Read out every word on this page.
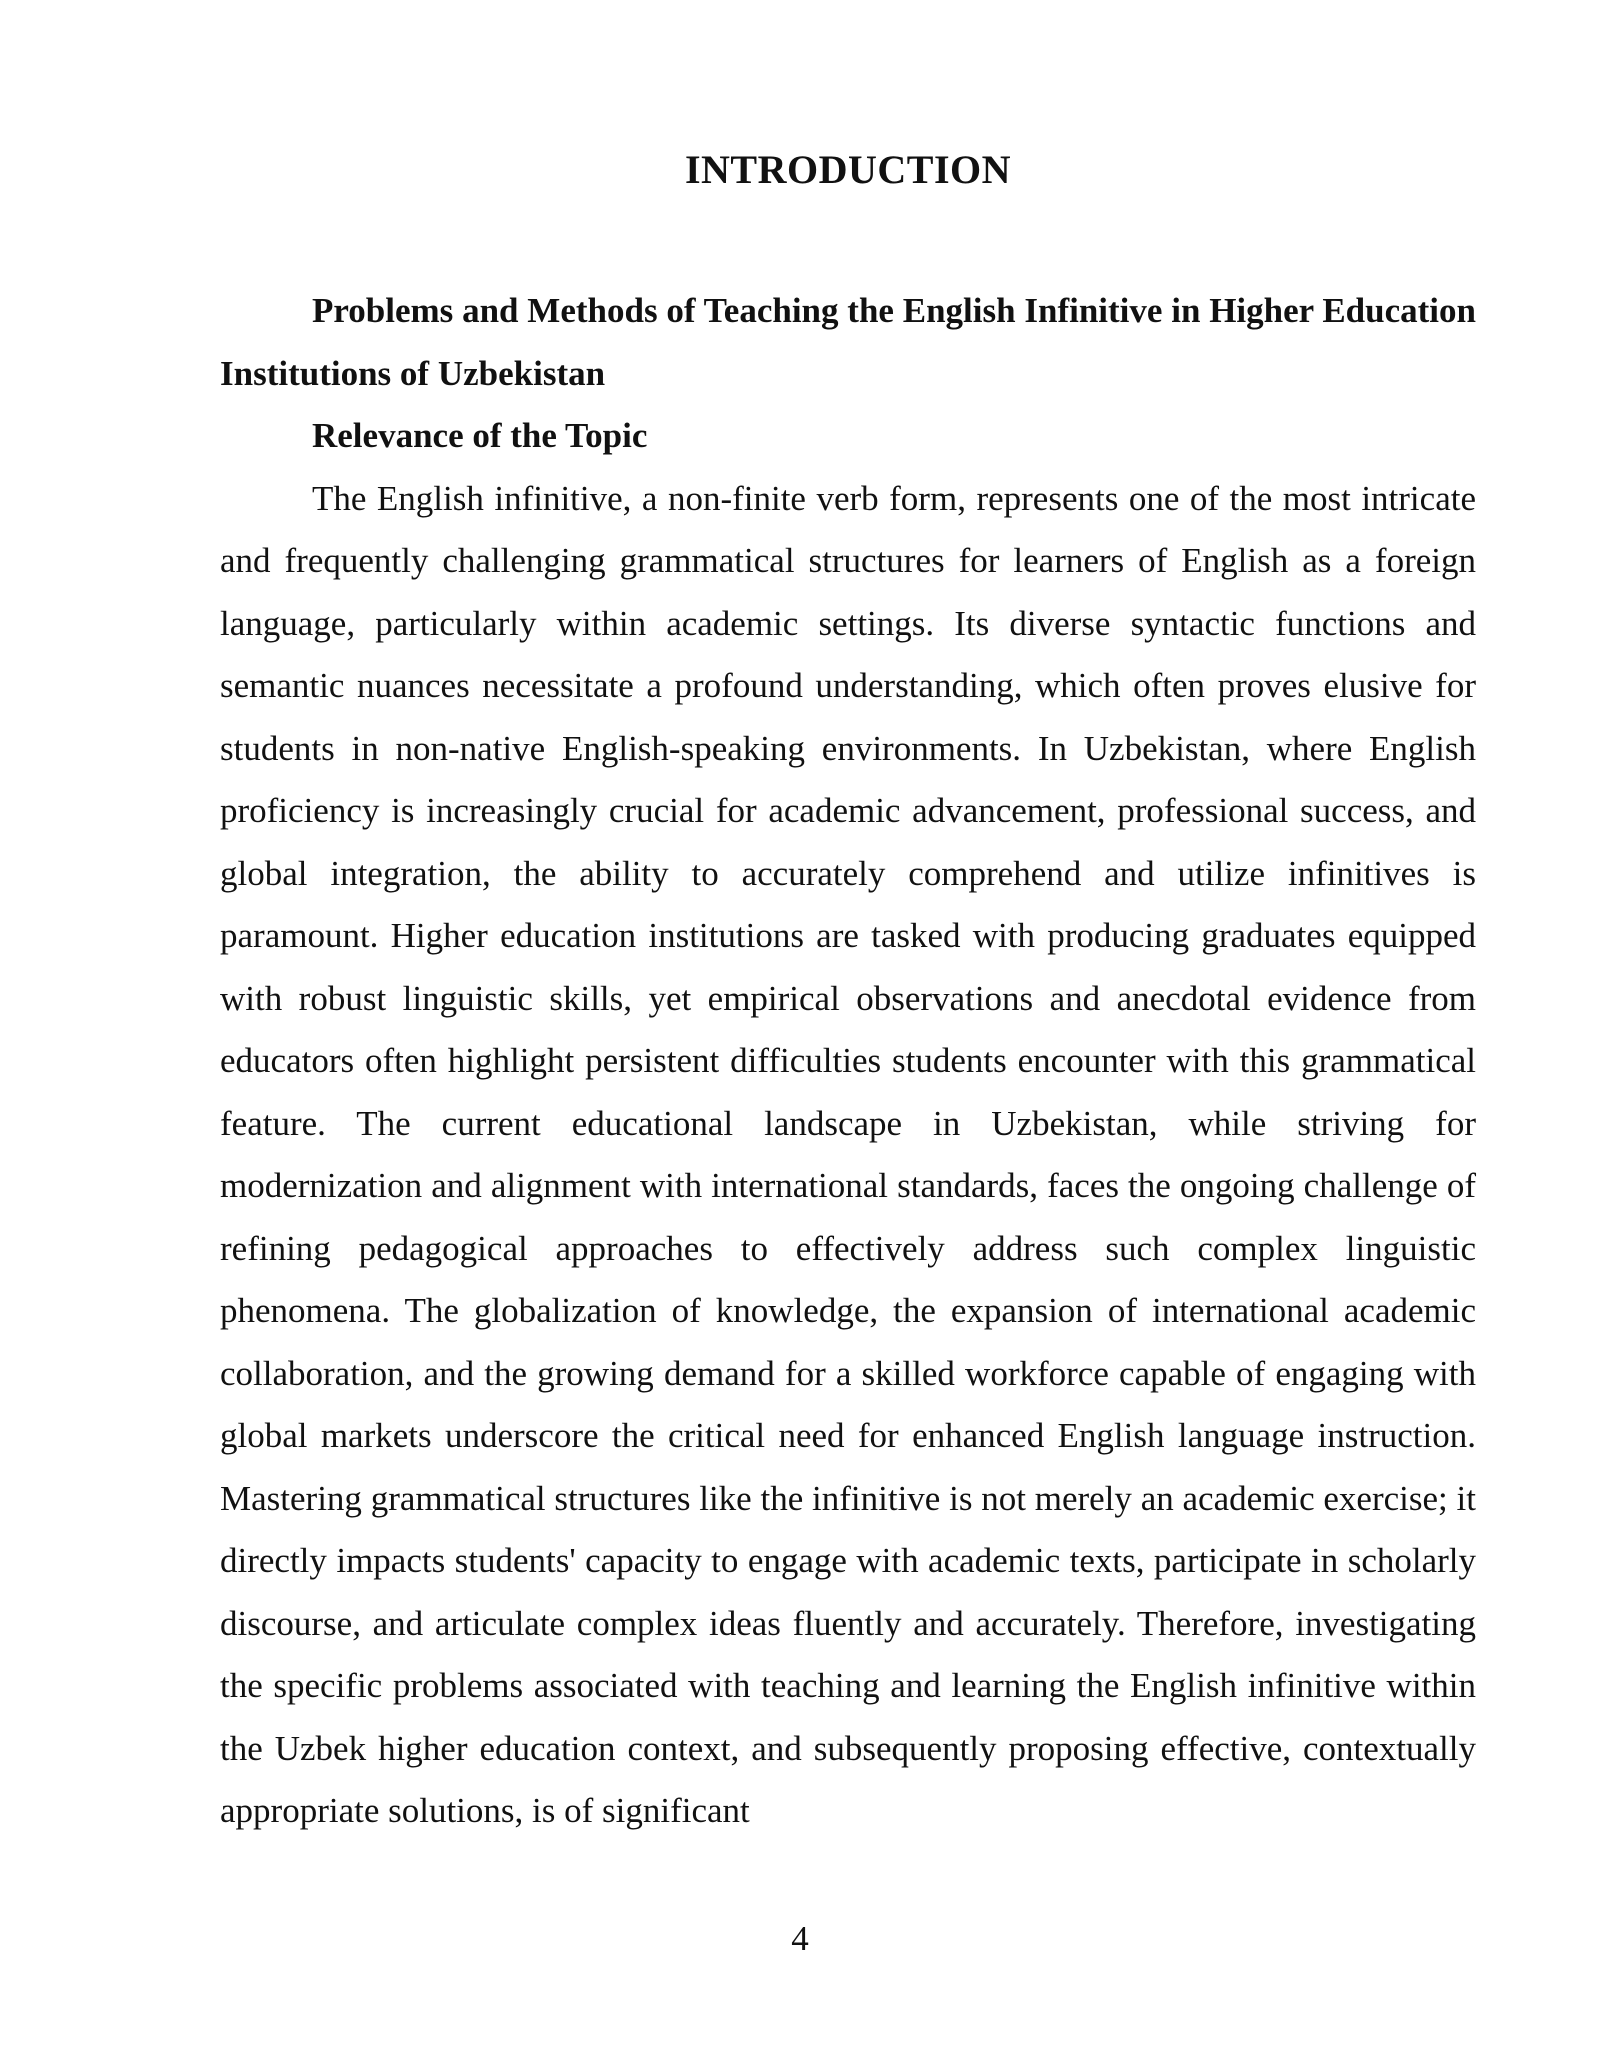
INTRODUCTION

Problems and Methods of Teaching the English Infinitive in Higher Education Institutions of Uzbekistan

Relevance of the Topic

The English infinitive, a non-finite verb form, represents one of the most intricate and frequently challenging grammatical structures for learners of English as a foreign language, particularly within academic settings. Its diverse syntactic functions and semantic nuances necessitate a profound understanding, which often proves elusive for students in non-native English-speaking environments. In Uzbekistan, where English proficiency is increasingly crucial for academic advancement, professional success, and global integration, the ability to accurately comprehend and utilize infinitives is paramount. Higher education institutions are tasked with producing graduates equipped with robust linguistic skills, yet empirical observations and anecdotal evidence from educators often highlight persistent difficulties students encounter with this grammatical feature. The current educational landscape in Uzbekistan, while striving for modernization and alignment with international standards, faces the ongoing challenge of refining pedagogical approaches to effectively address such complex linguistic phenomena. The globalization of knowledge, the expansion of international academic collaboration, and the growing demand for a skilled workforce capable of engaging with global markets underscore the critical need for enhanced English language instruction. Mastering grammatical structures like the infinitive is not merely an academic exercise; it directly impacts students' capacity to engage with academic texts, participate in scholarly discourse, and articulate complex ideas fluently and accurately. Therefore, investigating the specific problems associated with teaching and learning the English infinitive within the Uzbek higher education context, and subsequently proposing effective, contextually appropriate solutions, is of significant

4
